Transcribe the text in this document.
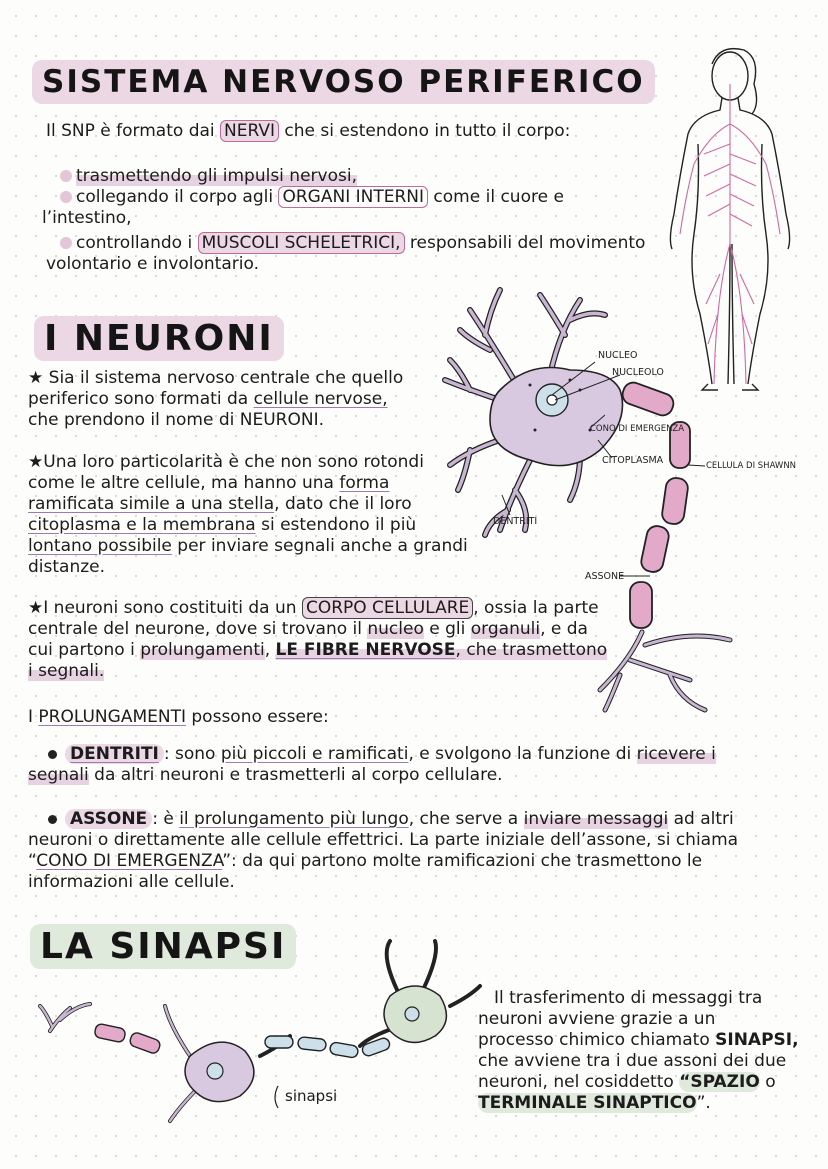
SISTEMA NERVOSO PERIFERICO
Il SNP è formato dai NERVI che si estendono in tutto il corpo:
trasmettendo gli impulsi nervosi,
collegando il corpo agli ORGANI INTERNI come il cuore e
l’intestino,
controllando i MUSCOLI SCHELETRICI, responsabili del movimento
volontario e involontario.
I NEURONI
★ Sia il sistema nervoso centrale che quello
periferico sono formati da cellule nervose,
che prendono il nome di NEURONI.
★Una loro particolarità è che non sono rotondi
come le altre cellule, ma hanno una forma
ramificata simile a una stella, dato che il loro
citoplasma e la membrana si estendono il più
lontano possibile per inviare segnali anche a grandi
distanze.
★I neuroni sono costituiti da un CORPO CELLULARE , ossia la parte
centrale del neurone, dove si trovano il nucleo e gli organuli, e da
cui partono i prolungamenti, LE FIBRE NERVOSE, che trasmettono
i segnali.
I PROLUNGAMENTI possono essere:
DENTRITI : sono più piccoli e ramificati, e svolgono la funzione di ricevere i
segnali da altri neuroni e trasmetterli al corpo cellulare.
ASSONE : è il prolungamento più lungo, che serve a inviare messaggi ad altri
neuroni o direttamente alle cellule effettrici. La parte iniziale dell’assone, si chiama
“CONO DI EMERGENZA”: da qui partono molte ramificazioni che trasmettono le
informazioni alle cellule.
NUCLEO
NUCLEOLO
CONO DI EMERGENZA
CITOPLASMA	CELLULA DI SHAWNN
DENTRITI
ASSONE
LA SINAPSI
sinapsi
Il trasferimento di messaggi tra
neuroni avviene grazie a un
processo chimico chiamato SINAPSI,
che avviene tra i due assoni dei due
neuroni, nel cosiddetto “SPAZIO o
TERMINALE SINAPTICO”.
